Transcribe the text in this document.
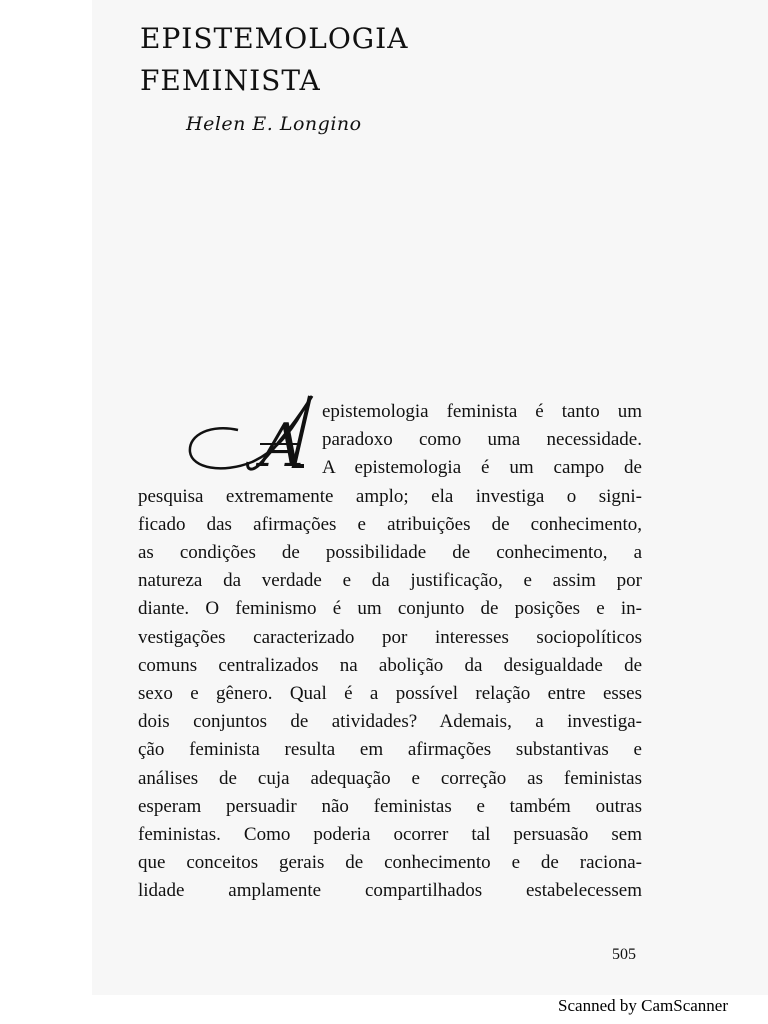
EPISTEMOLOGIA
FEMINISTA
Helen E. Longino
A epistemologia feminista é tanto um
paradoxo como uma necessidade.
A epistemologia é um campo de
pesquisa extremamente amplo; ela investiga o signi-
ficado das afirmações e atribuições de conhecimento,
as condições de possibilidade de conhecimento, a
natureza da verdade e da justificação, e assim por
diante. O feminismo é um conjunto de posições e in-
vestigações caracterizado por interesses sociopolíticos
comuns centralizados na abolição da desigualdade de
sexo e gênero. Qual é a possível relação entre esses
dois conjuntos de atividades? Ademais, a investiga-
ção feminista resulta em afirmações substantivas e
análises de cuja adequação e correção as feministas
esperam persuadir não feministas e também outras
feministas. Como poderia ocorrer tal persuasão sem
que conceitos gerais de conhecimento e de raciona-
lidade amplamente compartilhados estabelecessem
505
Scanned by CamScanner
